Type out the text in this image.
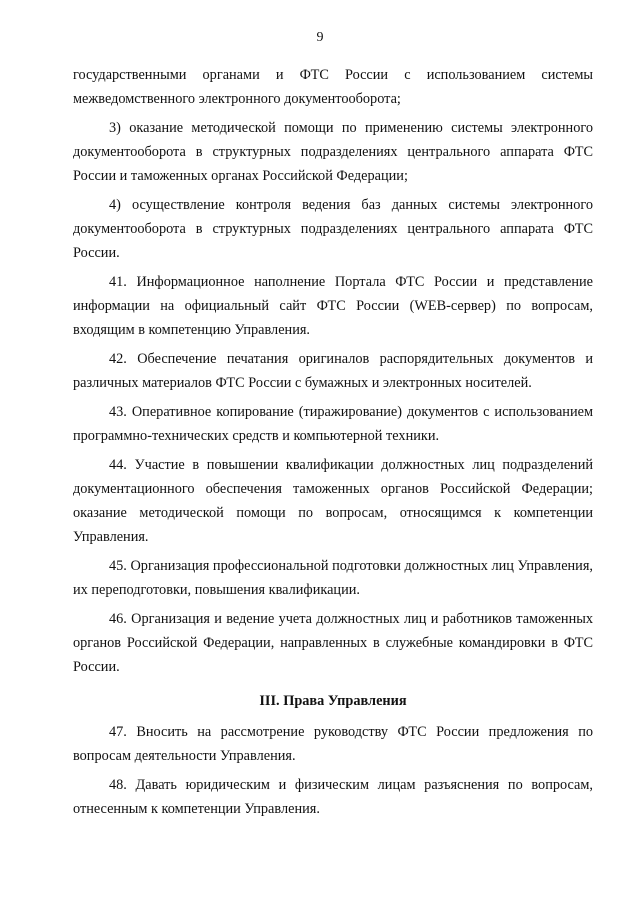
9

государственными органами и ФТС России с использованием системы межведомственного электронного документооборота;

3) оказание методической помощи по применению системы электронного документооборота в структурных подразделениях центрального аппарата ФТС России и таможенных органах Российской Федерации;

4) осуществление контроля ведения баз данных системы электронного документооборота в структурных подразделениях центрального аппарата ФТС России.

41. Информационное наполнение Портала ФТС России и представление информации на официальный сайт ФТС России (WEB-сервер) по вопросам, входящим в компетенцию Управления.

42. Обеспечение печатания оригиналов распорядительных документов и различных материалов ФТС России с бумажных и электронных носителей.

43. Оперативное копирование (тиражирование) документов с использованием программно-технических средств и компьютерной техники.

44. Участие в повышении квалификации должностных лиц подразделений документационного обеспечения таможенных органов Российской Федерации; оказание методической помощи по вопросам, относящимся к компетенции Управления.

45. Организация профессиональной подготовки должностных лиц Управления, их переподготовки, повышения квалификации.

46. Организация и ведение учета должностных лиц и работников таможенных органов Российской Федерации, направленных в служебные командировки в ФТС России.

III. Права Управления

47. Вносить на рассмотрение руководству ФТС России предложения по вопросам деятельности Управления.

48. Давать юридическим и физическим лицам разъяснения по вопросам, отнесенным к компетенции Управления.
